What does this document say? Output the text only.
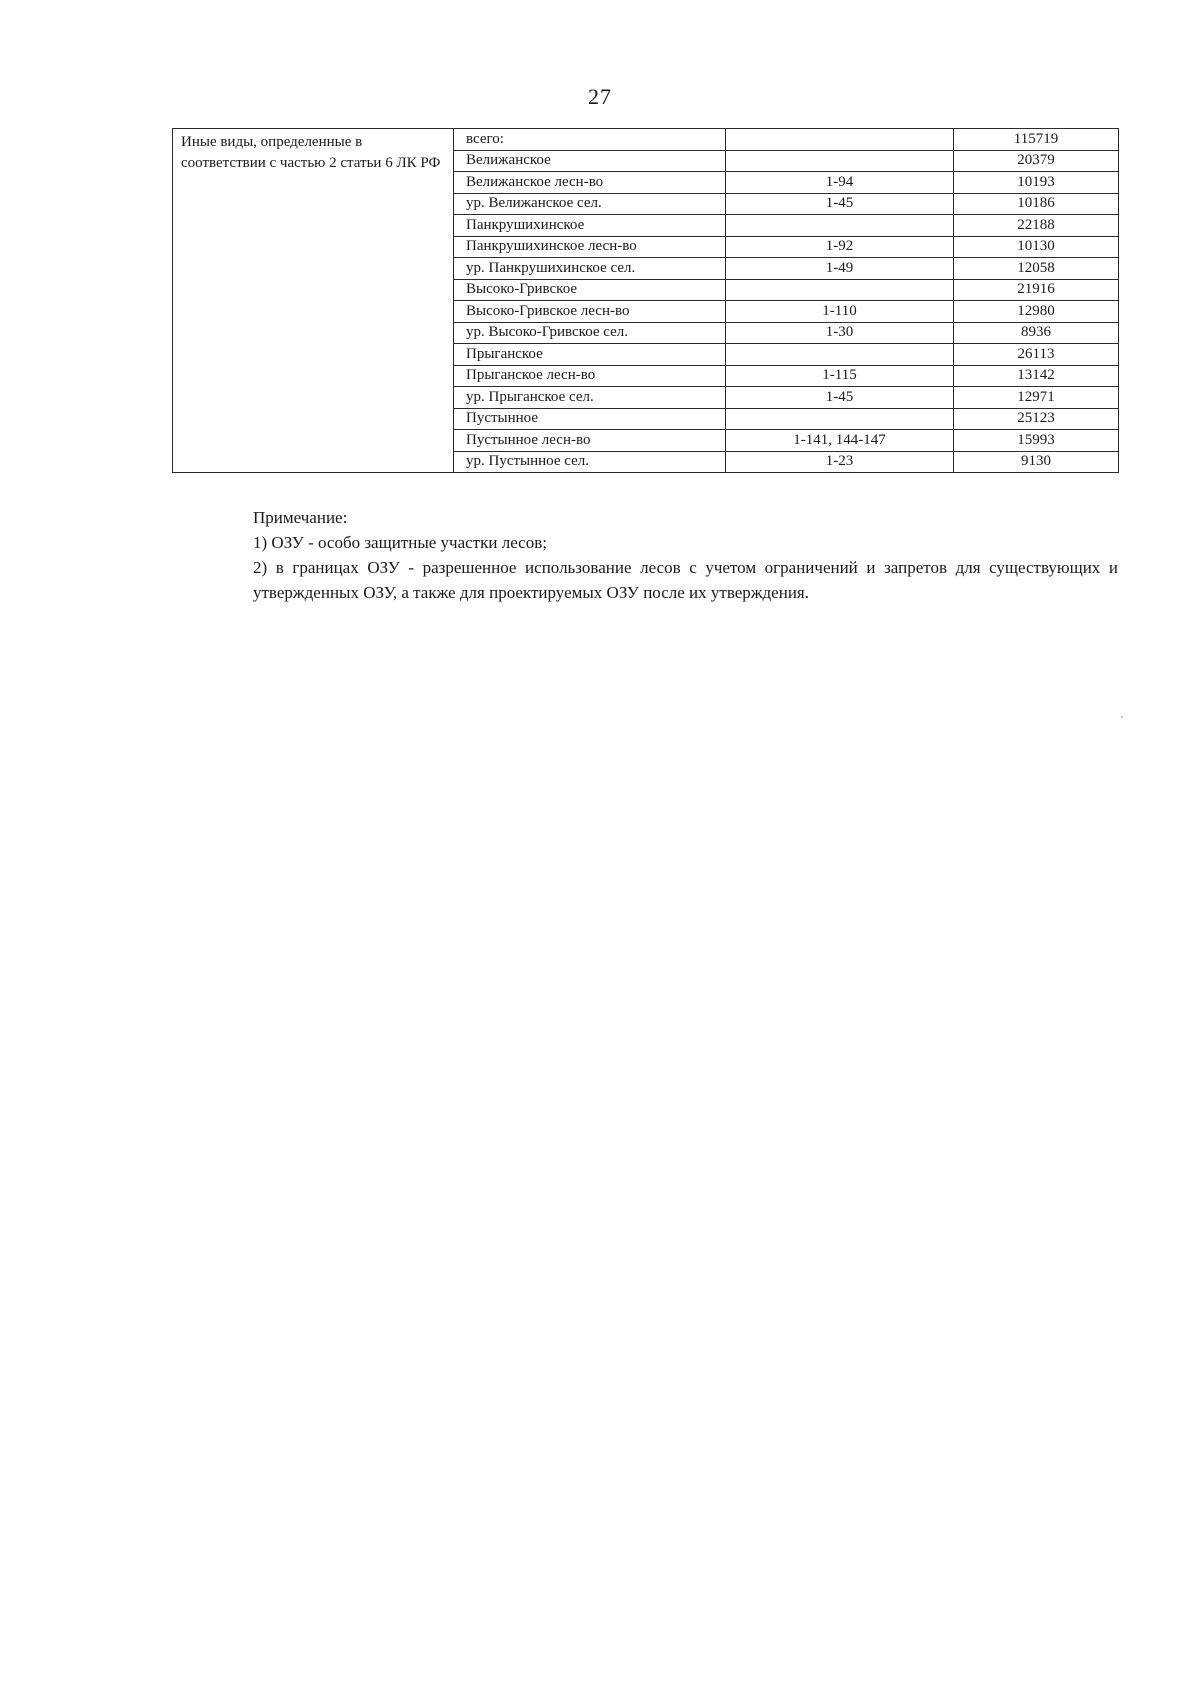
27
Иные виды, определенные в соответствии с частью 2 статьи 6 ЛК РФ	всего:		115719
	Велижанское		20379
	Велижанское лесн-во	1-94	10193
	ур. Велижанское сел.	1-45	10186
	Панкрушихинское		22188
	Панкрушихинское лесн-во	1-92	10130
	ур. Панкрушихинское сел.	1-49	12058
	Высоко-Гривское		21916
	Высоко-Гривское лесн-во	1-110	12980
	ур. Высоко-Гривское сел.	1-30	8936
	Прыганское		26113
	Прыганское лесн-во	1-115	13142
	ур. Прыганское сел.	1-45	12971
	Пустынное		25123
	Пустынное лесн-во	1-141, 144-147	15993
	ур. Пустынное сел.	1-23	9130

Примечание:

1) ОЗУ - особо защитные участки лесов;

2) в границах ОЗУ - разрешенное использование лесов с учетом ограничений и запретов для существующих и утвержденных ОЗУ, а также для проектируемых ОЗУ после их утверждения.
